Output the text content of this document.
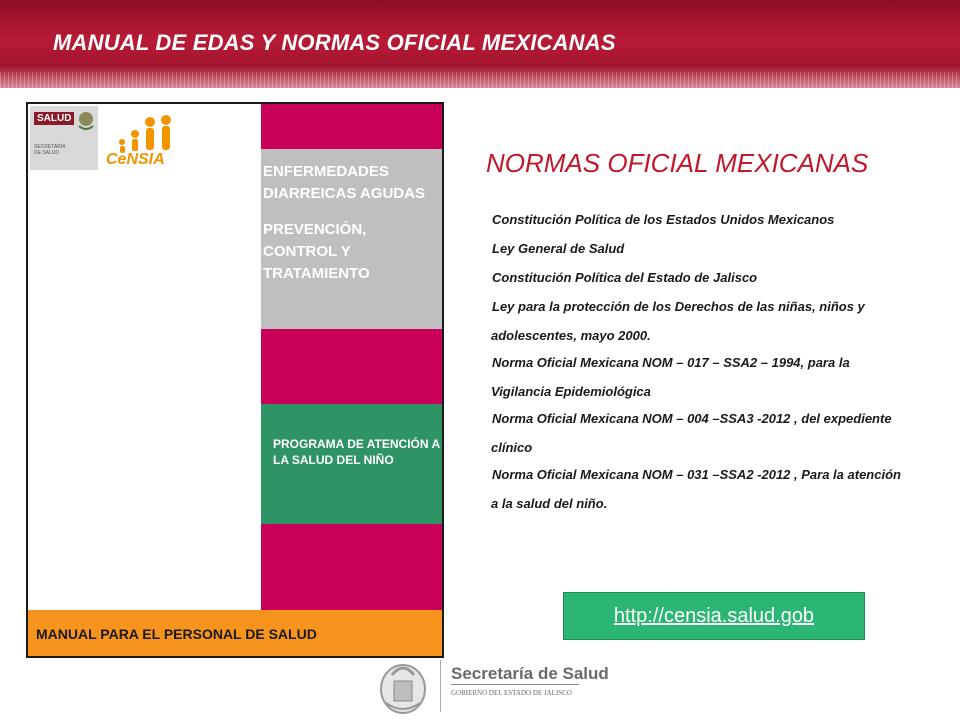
MANUAL DE EDAS Y NORMAS OFICIAL MEXICANAS
SALUD
SECRETARÍA
DE SALUD	CeNSIA

ENFERMEDADES DIARREICAS AGUDAS

PREVENCIÓN, CONTROL Y TRATAMIENTO

PROGRAMA DE ATENCIÓN A LA SALUD DEL NIÑO
MANUAL PARA EL PERSONAL DE SALUD
NORMAS OFICIAL MEXICANAS
Constitución Política de los Estados Unidos Mexicanos
Ley General de Salud
Constitución Política del Estado de Jalisco
Ley para la protección de los Derechos de las niñas, niños y adolescentes, mayo 2000.
Norma Oficial Mexicana NOM – 017 – SSA2 – 1994, para la Vigilancia Epidemiológica
Norma Oficial Mexicana NOM – 004 –SSA3 -2012 , del expediente clínico
Norma Oficial Mexicana NOM – 031 –SSA2 -2012 , Para la atención a la salud del niño.
http://censia.salud.gob
Secretaría de Salud
GOBIERNO DEL ESTADO DE JALISCO
